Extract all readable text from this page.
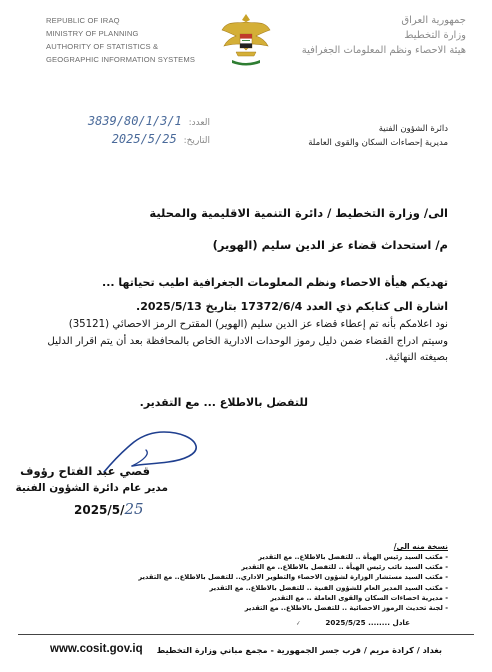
REPUBLIC OF IRAQ
MINISTRY OF PLANNING
AUTHORITY OF STATISTICS &
GEOGRAPHIC INFORMATION SYSTEMS
جمهورية العراق
وزارة التخطيط
هيئة الاحصاء ونظم المعلومات الجغرافية
العدد: 3839/80/1/3/1
التاريخ: 2025/5/25
دائرة الشؤون الفنية
مديرية إحصاءات السكان والقوى العاملة
الى/ وزارة التخطيط / دائرة التنمية الاقليمية والمحلية
م/ استحداث قضاء عز الدين سليم (الهوير)
تهديكم هيأة الاحصاء ونظم المعلومات الجغرافية اطيب تحياتها ...
اشارة الى كتابكم ذي العدد 17372/6/4 بتاريخ 2025/5/13.
نود اعلامكم بأنه تم إعطاء قضاء عز الدين سليم (الهوير) المقترح الرمز الاحصائي (35121)
وسيتم ادراج القضاء ضمن دليل رموز الوحدات الادارية الخاص بالمحافظة بعد أن يتم اقرار الدليل
بصيغته النهائية.
للتفضل بالاطلاع ... مع التقدير.
قصي عبد الفتاح رؤوف
مدير عام دائرة الشؤون الفنية
2025/5/25
نسخة منه الى/
- مكتب السيد رئيس الهيأة .. للتفضل بالاطلاع.. مع التقدير
- مكتب السيد نائب رئيس الهيأة .. للتفضل بالاطلاع.. مع التقدير
- مكتب السيد مستشار الوزارة لشؤون الاحصاء والتطوير الاداري.. للتفضل بالاطلاع.. مع التقدير
- مكتب السيد المدير العام للشؤون الفنية .. للتفضل بالاطلاع.. مع التقدير
- مديرية احصاءات السكان والقوى العاملة .. مع التقدير
- لجنة تحديث الرموز الاحصائية .. للتفضل بالاطلاع.. مع التقدير
عادل ........ 2025/5/25
✓
www.cosit.gov.iq بغداد / كرادة مريم / قرب جسر الجمهورية - مجمع مباني وزارة التخطيط
